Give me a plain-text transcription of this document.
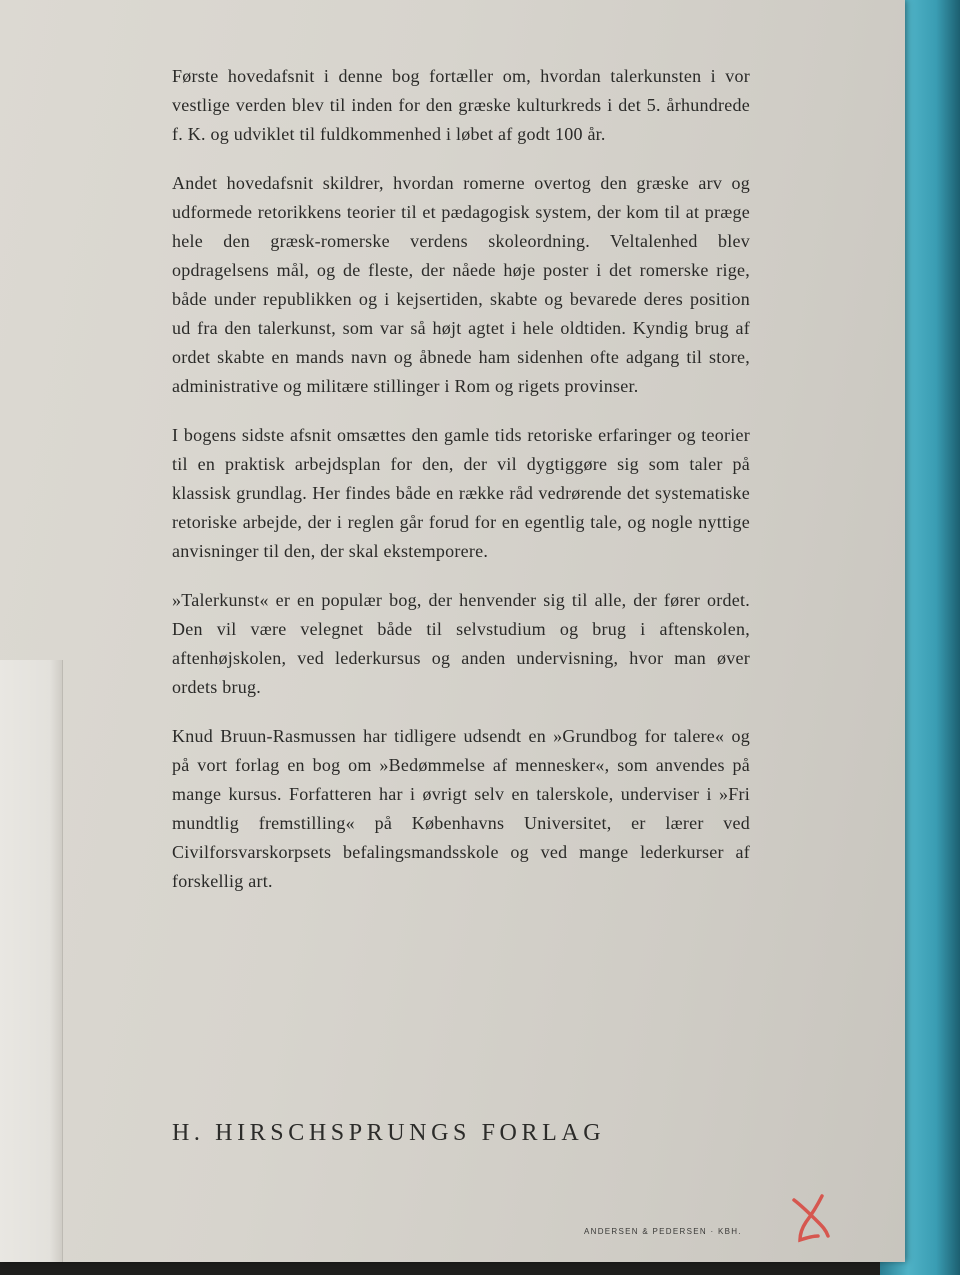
Første hovedafsnit i denne bog fortæller om, hvordan talerkunsten i vor vestlige verden blev til inden for den græske kulturkreds i det 5. århundrede f. K. og udviklet til fuldkommenhed i løbet af godt 100 år.

Andet hovedafsnit skildrer, hvordan romerne overtog den græske arv og udformede retorikkens teorier til et pædagogisk system, der kom til at præge hele den græsk-romerske verdens skoleordning. Veltalenhed blev opdragelsens mål, og de fleste, der nåede høje poster i det romerske rige, både under republikken og i kejsertiden, skabte og bevarede deres position ud fra den talerkunst, som var så højt agtet i hele oldtiden. Kyndig brug af ordet skabte en mands navn og åbnede ham sidenhen ofte adgang til store, administrative og militære stillinger i Rom og rigets provinser.

I bogens sidste afsnit omsættes den gamle tids retoriske erfaringer og teorier til en praktisk arbejdsplan for den, der vil dygtiggøre sig som taler på klassisk grundlag. Her findes både en række råd vedrørende det systematiske retoriske arbejde, der i reglen går forud for en egentlig tale, og nogle nyttige anvisninger til den, der skal ekstemporere.

»Talerkunst« er en populær bog, der henvender sig til alle, der fører ordet. Den vil være velegnet både til selvstudium og brug i aftenskolen, aftenhøjskolen, ved lederkursus og anden undervisning, hvor man øver ordets brug.

Knud Bruun-Rasmussen har tidligere udsendt en »Grundbog for talere« og på vort forlag en bog om »Bedømmelse af mennesker«, som anvendes på mange kursus. Forfatteren har i øvrigt selv en talerskole, underviser i »Fri mundtlig fremstilling« på Københavns Universitet, er lærer ved Civilforsvarskorpsets befalingsmandsskole og ved mange lederkurser af forskellig art.

H. HIRSCHSPRUNGS FORLAG
ANDERSEN & PEDERSEN · KBH.
